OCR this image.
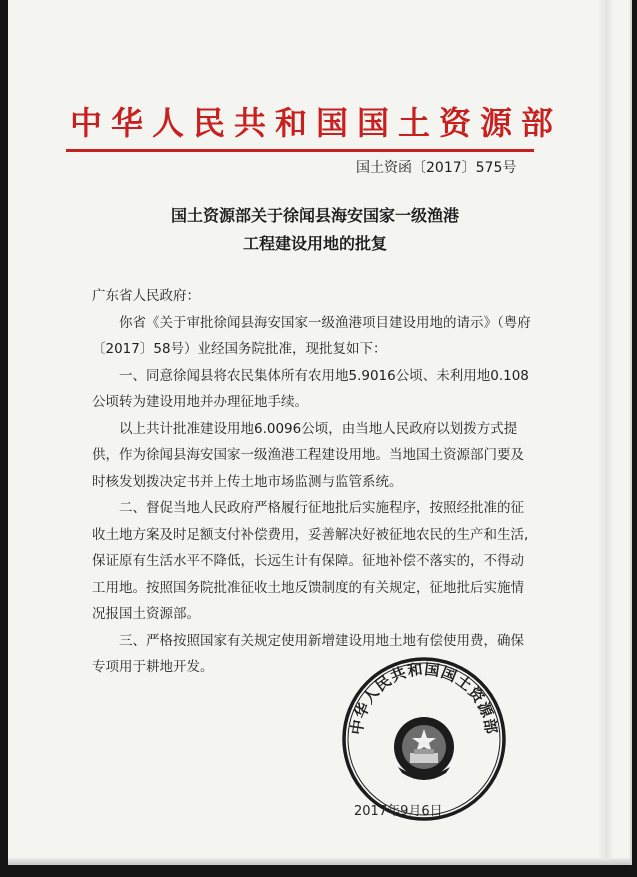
中华人民共和国国土资源部
国土资函〔2017〕575号
国土资源部关于徐闻县海安国家一级渔港
工程建设用地的批复

广东省人民政府：

你省《关于审批徐闻县海安国家一级渔港项目建设用地的请示》（粤府〔2017〕58号）业经国务院批准，现批复如下：

一、同意徐闻县将农民集体所有农用地5.9016公顷、未利用地0.108公顷转为建设用地并办理征地手续。

以上共计批准建设用地6.0096公顷，由当地人民政府以划拨方式提供，作为徐闻县海安国家一级渔港工程建设用地。当地国土资源部门要及时核发划拨决定书并上传土地市场监测与监管系统。

二、督促当地人民政府严格履行征地批后实施程序，按照经批准的征收土地方案及时足额支付补偿费用，妥善解决好被征地农民的生产和生活,保证原有生活水平不降低，长远生计有保障。征地补偿不落实的，不得动工用地。按照国务院批准征收土地反馈制度的有关规定，征地批后实施情况报国土资源部。

三、严格按照国家有关规定使用新增建设用地土地有偿使用费，确保专项用于耕地开发。

中华人民共和国国土资源部
2017年9月6日
